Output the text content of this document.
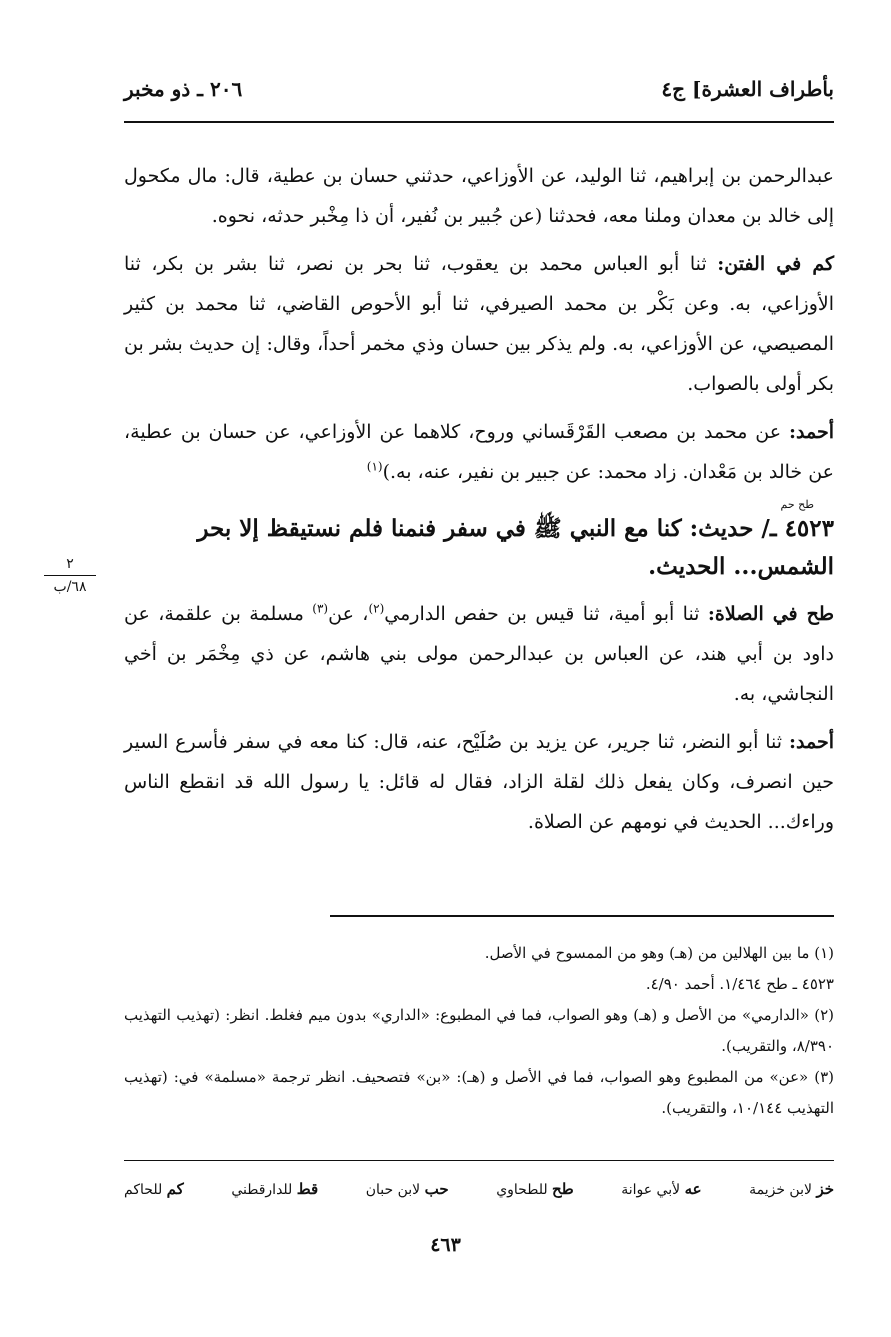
بأطراف العشرة] ج٤
٢٠٦ ـ ذو مخبر
٢
٦٨/ب

عبدالرحمن بن إبراهيم، ثنا الوليد، عن الأوزاعي، حدثني حسان بن عطية، قال: مال مكحول إلى خالد بن معدان وملنا معه، فحدثنا (عن جُبير بن نُفير، أن ذا مِخْبر حدثه، نحوه.

كم في الفتن: ثنا أبو العباس محمد بن يعقوب، ثنا بحر بن نصر، ثنا بشر بن بكر، ثنا الأوزاعي، به. وعن بَكْر بن محمد الصيرفي، ثنا أبو الأحوص القاضي، ثنا محمد بن كثير المصيصي، عن الأوزاعي، به. ولم يذكر بين حسان وذي مخمر أحداً، وقال: إن حديث بشر بن بكر أولى بالصواب.

أحمد: عن محمد بن مصعب القَرْقَساني وروح، كلاهما عن الأوزاعي، عن حسان بن عطية، عن خالد بن مَعْدان. زاد محمد: عن جبير بن نفير، عنه، به.)$^{(١)}$

طح حم
٤٥٢٣ ـ/ حديث: كنا مع النبي ﷺ في سفر فنمنا فلم نستيقظ إلا بحر الشمس... الحديث.

طح في الصلاة: ثنا أبو أمية، ثنا قيس بن حفص الدارمي$^{(٢)}$، عن$^{(٣)}$ مسلمة بن علقمة، عن داود بن أبي هند، عن العباس بن عبدالرحمن مولى بني هاشم، عن ذي مِخْمَر بن أخي النجاشي، به.

أحمد: ثنا أبو النضر، ثنا جرير، عن يزيد بن صُلَيْح، عنه، قال: كنا معه في سفر فأسرع السير حين انصرف، وكان يفعل ذلك لقلة الزاد، فقال له قائل: يا رسول الله قد انقطع الناس وراءك... الحديث في نومهم عن الصلاة.

(١) ما بين الهلالين من (هـ) وهو من الممسوح في الأصل.

٤٥٢٣ ـ طح ١/٤٦٤. أحمد ٤/٩٠.

(٢) «الدارمي» من الأصل و (هـ) وهو الصواب، فما في المطبوع: «الداري» بدون ميم فغلط. انظر: (تهذيب التهذيب ٨/٣٩٠، والتقريب).

(٣) «عن» من المطبوع وهو الصواب، فما في الأصل و (هـ): «بن» فتصحيف. انظر ترجمة «مسلمة» في: (تهذيب التهذيب ١٠/١٤٤، والتقريب).

خز لابن خزيمة
عه لأبي عوانة
طح للطحاوي
حب لابن حبان
قط للدارقطني
كم للحاكم
٤٦٣
